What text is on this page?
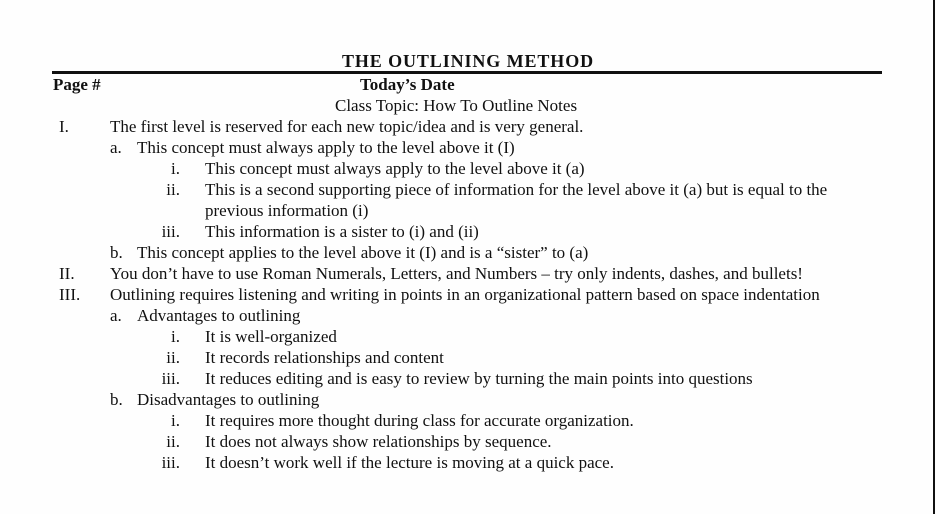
THE OUTLINING METHOD
Page #	Today’s Date
Class Topic: How To Outline Notes
I. The first level is reserved for each new topic/idea and is very general.
a. This concept must always apply to the level above it (I)
i. This concept must always apply to the level above it (a)
ii. This is a second supporting piece of information for the level above it (a) but is equal to the
previous information (i)
iii. This information is a sister to (i) and (ii)
b. This concept applies to the level above it (I) and is a “sister” to (a)
II. You don’t have to use Roman Numerals, Letters, and Numbers – try only indents, dashes, and bullets!
III. Outlining requires listening and writing in points in an organizational pattern based on space indentation
a. Advantages to outlining
i. It is well-organized
ii. It records relationships and content
iii. It reduces editing and is easy to review by turning the main points into questions
b. Disadvantages to outlining
i. It requires more thought during class for accurate organization.
ii. It does not always show relationships by sequence.
iii. It doesn’t work well if the lecture is moving at a quick pace.
